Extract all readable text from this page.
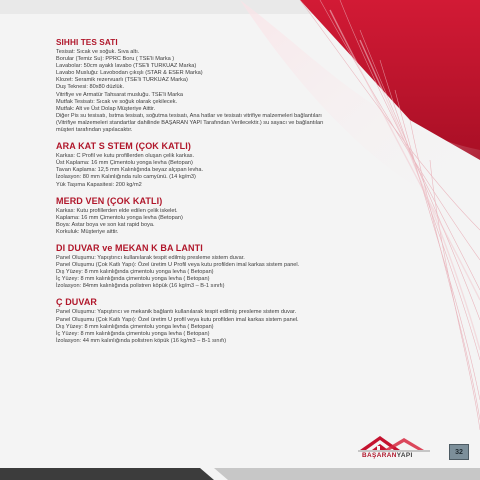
SIHHI TES SATI
Tesisat: Sıcak ve soğuk. Sıva altı.
Borular (Temiz Su): PPRC Boru ( TSE'li Marka )
Lavabolar: 50cm ayaklı lavabo (TSE'li TURKUAZ Marka)
Lavabo Musluğu: Lavobodan çıkışlı (STAR & ESER Marka)
Klozet: Seramik rezervuarlı (TSE'li TURKUAZ Marka)
Duş Teknesi: 80x80 düzlük.
Vitrifiye ve Armatür Tahsarat musluğu. TSE'li Marka
Mutfak Tesisatı: Sıcak ve soğuk olarak çekilecek.
Mutfak: Alt ve Üst Dolap Müşteriye Aittir.
Diğer Pis su tesisatı, Isıtma tesisatı, soğutma tesisatı, Ana hatlar ve tesisatı vitrifiye malzemeleri bağlantıları
(Vitrifiye malzemeleri standartlar dahilinde BAŞARAN YAPI Tarafından Verilecektir.) su sayacı ve bağlantıları
müşteri tarafından yapılacaktır.
ARA KAT S STEM (ÇOK KATLI)
Karkas: C Profil ve kutu profillerden oluşan çelik karkas.
Üst Kaplama: 16 mm Çimentolu yonga levha (Betopan)
Tavan Kaplama: 12,5 mm Kalınlığında beyaz alçıpan levha.
İzolasyon: 80 mm Kalınlığında rulo camyünü. (14 kg/m3)
Yük Taşıma Kapasitesi: 200 kg/m2
MERD VEN (ÇOK KATLI)
Karkas: Kutu profillerden elde edilen çelik iskelet.
Kaplama: 16 mm Çimentolu yonga levha (Betopan)
Boya: Astar boya ve son kat rapid boya.
Korkuluk: Müşteriye aittir.
DI DUVAR ve MEKAN K BA LANTI
Panel Oluşumu: Yapıştırıcı kullanılarak tespit edilmiş presleme sistem duvar.
Panel Oluşumu (Çok Katlı Yapı): Özel üretim U Profil veya kutu profilden imal karkas sistem panel.
Dış Yüzey: 8 mm kalınlığında çimentolu yonga levha ( Betopan)
İç Yüzey: 8 mm kalınlığında çimentolu yonga levha ( Betopan)
İzolasyon: 84mm kalınlığında polistren köpük (16 kg/m3 – B-1 sınıfı)
Ç DUVAR
Panel Oluşumu: Yapıştırıcı ve mekanik bağlantı kullanılarak tespit edilmiş presleme sistem duvar.
Panel Oluşumu (Çok Katlı Yapı): Özel üretim U profil veya kutu profilden imal karkas sistem panel.
Dış Yüzey: 8 mm kalınlığında çimentolu yonga levha ( Betopan)
İç Yüzey: 8 mm kalınlığında çimentolu yonga levha ( Betopan)
İzolasyon: 44 mm kalınlığında polistren köpük (16 kg/m3 – B-1 sınıfı)
BAŞARANYAPI	32
